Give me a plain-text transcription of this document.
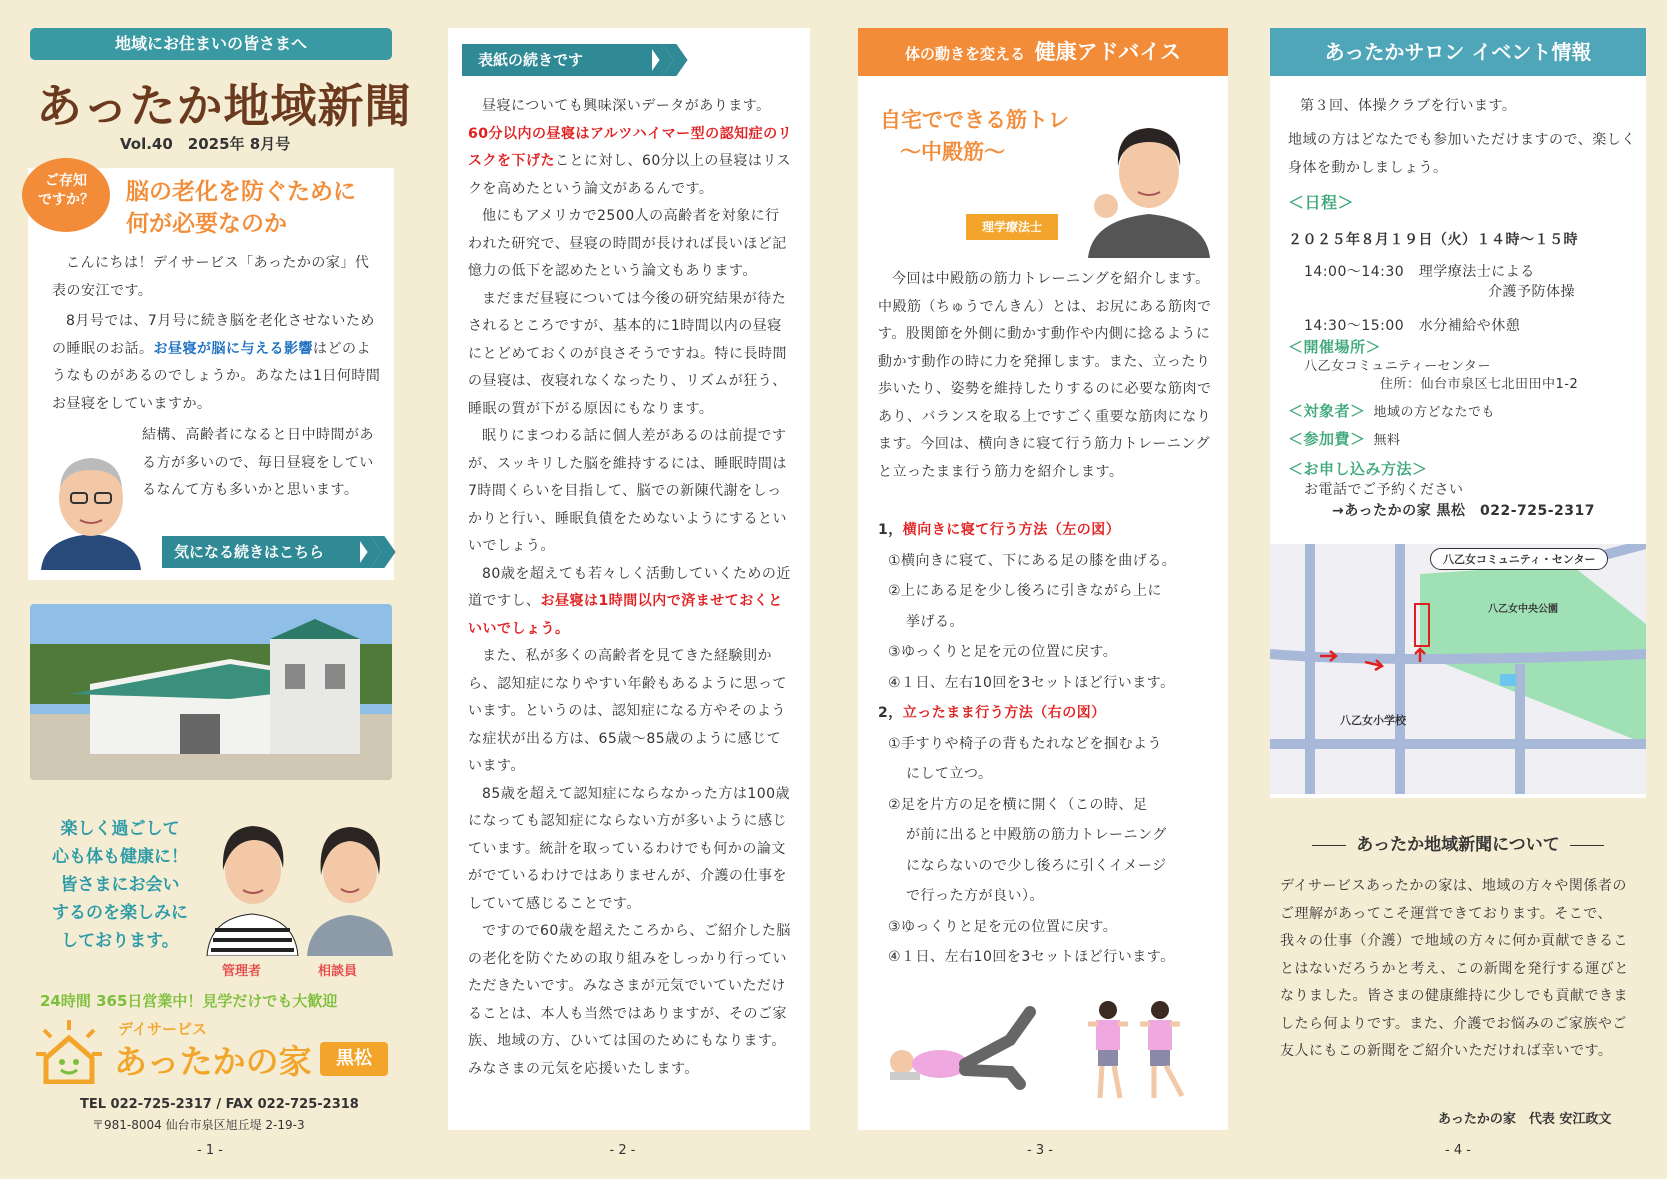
地域にお住まいの皆さまへ
あったか地域新聞
Vol.40　2025年 8月号
ご存知
ですか？	脳の老化を防ぐために
何が必要なのか
こんにちは！デイサービス「あったかの家」代表の安江です。
8月号では、7月号に続き脳を老化させないための睡眠のお話。お昼寝が脳に与える影響はどのようなものがあるのでしょうか。あなたは1日何時間お昼寝をしていますか。
結構、高齢者になると日中時間がある方が多いので、毎日昼寝をしているなんて方も多いかと思います。
気になる続きはこちら
楽しく過ごして
心も体も健康に！
皆さまにお会い
するのを楽しみに
しております。
管理者	相談員
24時間 365日営業中！見学だけでも大歓迎
デイサービス
あったかの家	黒松
TEL 022-725-2317 / FAX 022-725-2318
〒981-8004 仙台市泉区旭丘堤 2-19-3
- 1 -
表紙の続きです
昼寝についても興味深いデータがあります。
60分以内の昼寝はアルツハイマー型の認知症のリスクを下げたことに対し、60分以上の昼寝はリスクを高めたという論文があるんです。
他にもアメリカで2500人の高齢者を対象に行われた研究で、昼寝の時間が長ければ長いほど記憶力の低下を認めたという論文もあります。
まだまだ昼寝については今後の研究結果が待たされるところですが、基本的に1時間以内の昼寝にとどめておくのが良さそうですね。特に長時間の昼寝は、夜寝れなくなったり、リズムが狂う、睡眠の質が下がる原因にもなります。
眠りにまつわる話に個人差があるのは前提ですが、スッキリした脳を維持するには、睡眠時間は7時間くらいを目指して、脳での新陳代謝をしっかりと行い、睡眠負債をためないようにするといいでしょう。
80歳を超えても若々しく活動していくための近道ですし、お昼寝は1時間以内で済ませておくといいでしょう。
また、私が多くの高齢者を見てきた経験則から、認知症になりやすい年齢もあるように思っています。というのは、認知症になる方やそのような症状が出る方は、65歳〜85歳のように感じています。
85歳を超えて認知症にならなかった方は100歳になっても認知症にならない方が多いように感じています。統計を取っているわけでも何かの論文がでているわけではありませんが、介護の仕事をしていて感じることです。
ですので60歳を超えたころから、ご紹介した脳の老化を防ぐための取り組みをしっかり行っていただきたいです。みなさまが元気でいていただけることは、本人も当然ではありますが、そのご家族、地域の方、ひいては国のためにもなります。みなさまの元気を応援いたします。
- 2 -
体の動きを変える 健康アドバイス
自宅でできる筋トレ
〜中殿筋〜
理学療法士
今回は中殿筋の筋力トレーニングを紹介します。中殿筋（ちゅうでんきん）とは、お尻にある筋肉です。股関節を外側に動かす動作や内側に捻るように動かす動作の時に力を発揮します。また、立ったり歩いたり、姿勢を維持したりするのに必要な筋肉であり、バランスを取る上ですごく重要な筋肉になります。今回は、横向きに寝て行う筋力トレーニングと立ったまま行う筋力を紹介します。
1，横向きに寝て行う方法（左の図）
①横向きに寝て、下にある足の膝を曲げる。
②上にある足を少し後ろに引きながら上に
挙げる。
③ゆっくりと足を元の位置に戻す。
④１日、左右10回を3セットほど行います。
2，立ったまま行う方法（右の図）
①手すりや椅子の背もたれなどを掴むよう
にして立つ。
②足を片方の足を横に開く（この時、足
が前に出ると中殿筋の筋力トレーニング
にならないので少し後ろに引くイメージ
で行った方が良い）。
③ゆっくりと足を元の位置に戻す。
④１日、左右10回を3セットほど行います。
- 3 -
あったかサロン イベント情報
第３回、体操クラブを行います。
地域の方はどなたでも参加いただけますので、楽しく身体を動かしましょう。
＜日程＞
２０２５年８月１９日（火）１４時〜１５時
14:00〜14:30　理学療法士による
介護予防体操
14:30〜15:00　水分補給や休憩
＜開催場所＞
八乙女コミュニティーセンター
住所：仙台市泉区七北田田中1-2
＜対象者＞ 地域の方どなたでも
＜参加費＞ 無料
＜お申し込み方法＞
お電話でご予約ください
→あったかの家 黒松　022-725-2317
八乙女コミュニティ・センター
八乙女中央公園
八乙女小学校
あったか地域新聞について
デイサービスあったかの家は、地域の方々や関係者のご理解があってこそ運営できております。そこで、我々の仕事（介護）で地域の方々に何か貢献できることはないだろうかと考え、この新聞を発行する運びとなりました。皆さまの健康維持に少しでも貢献できましたら何よりです。また、介護でお悩みのご家族やご友人にもこの新聞をご紹介いただければ幸いです。
あったかの家　代表 安江政文
- 4 -
